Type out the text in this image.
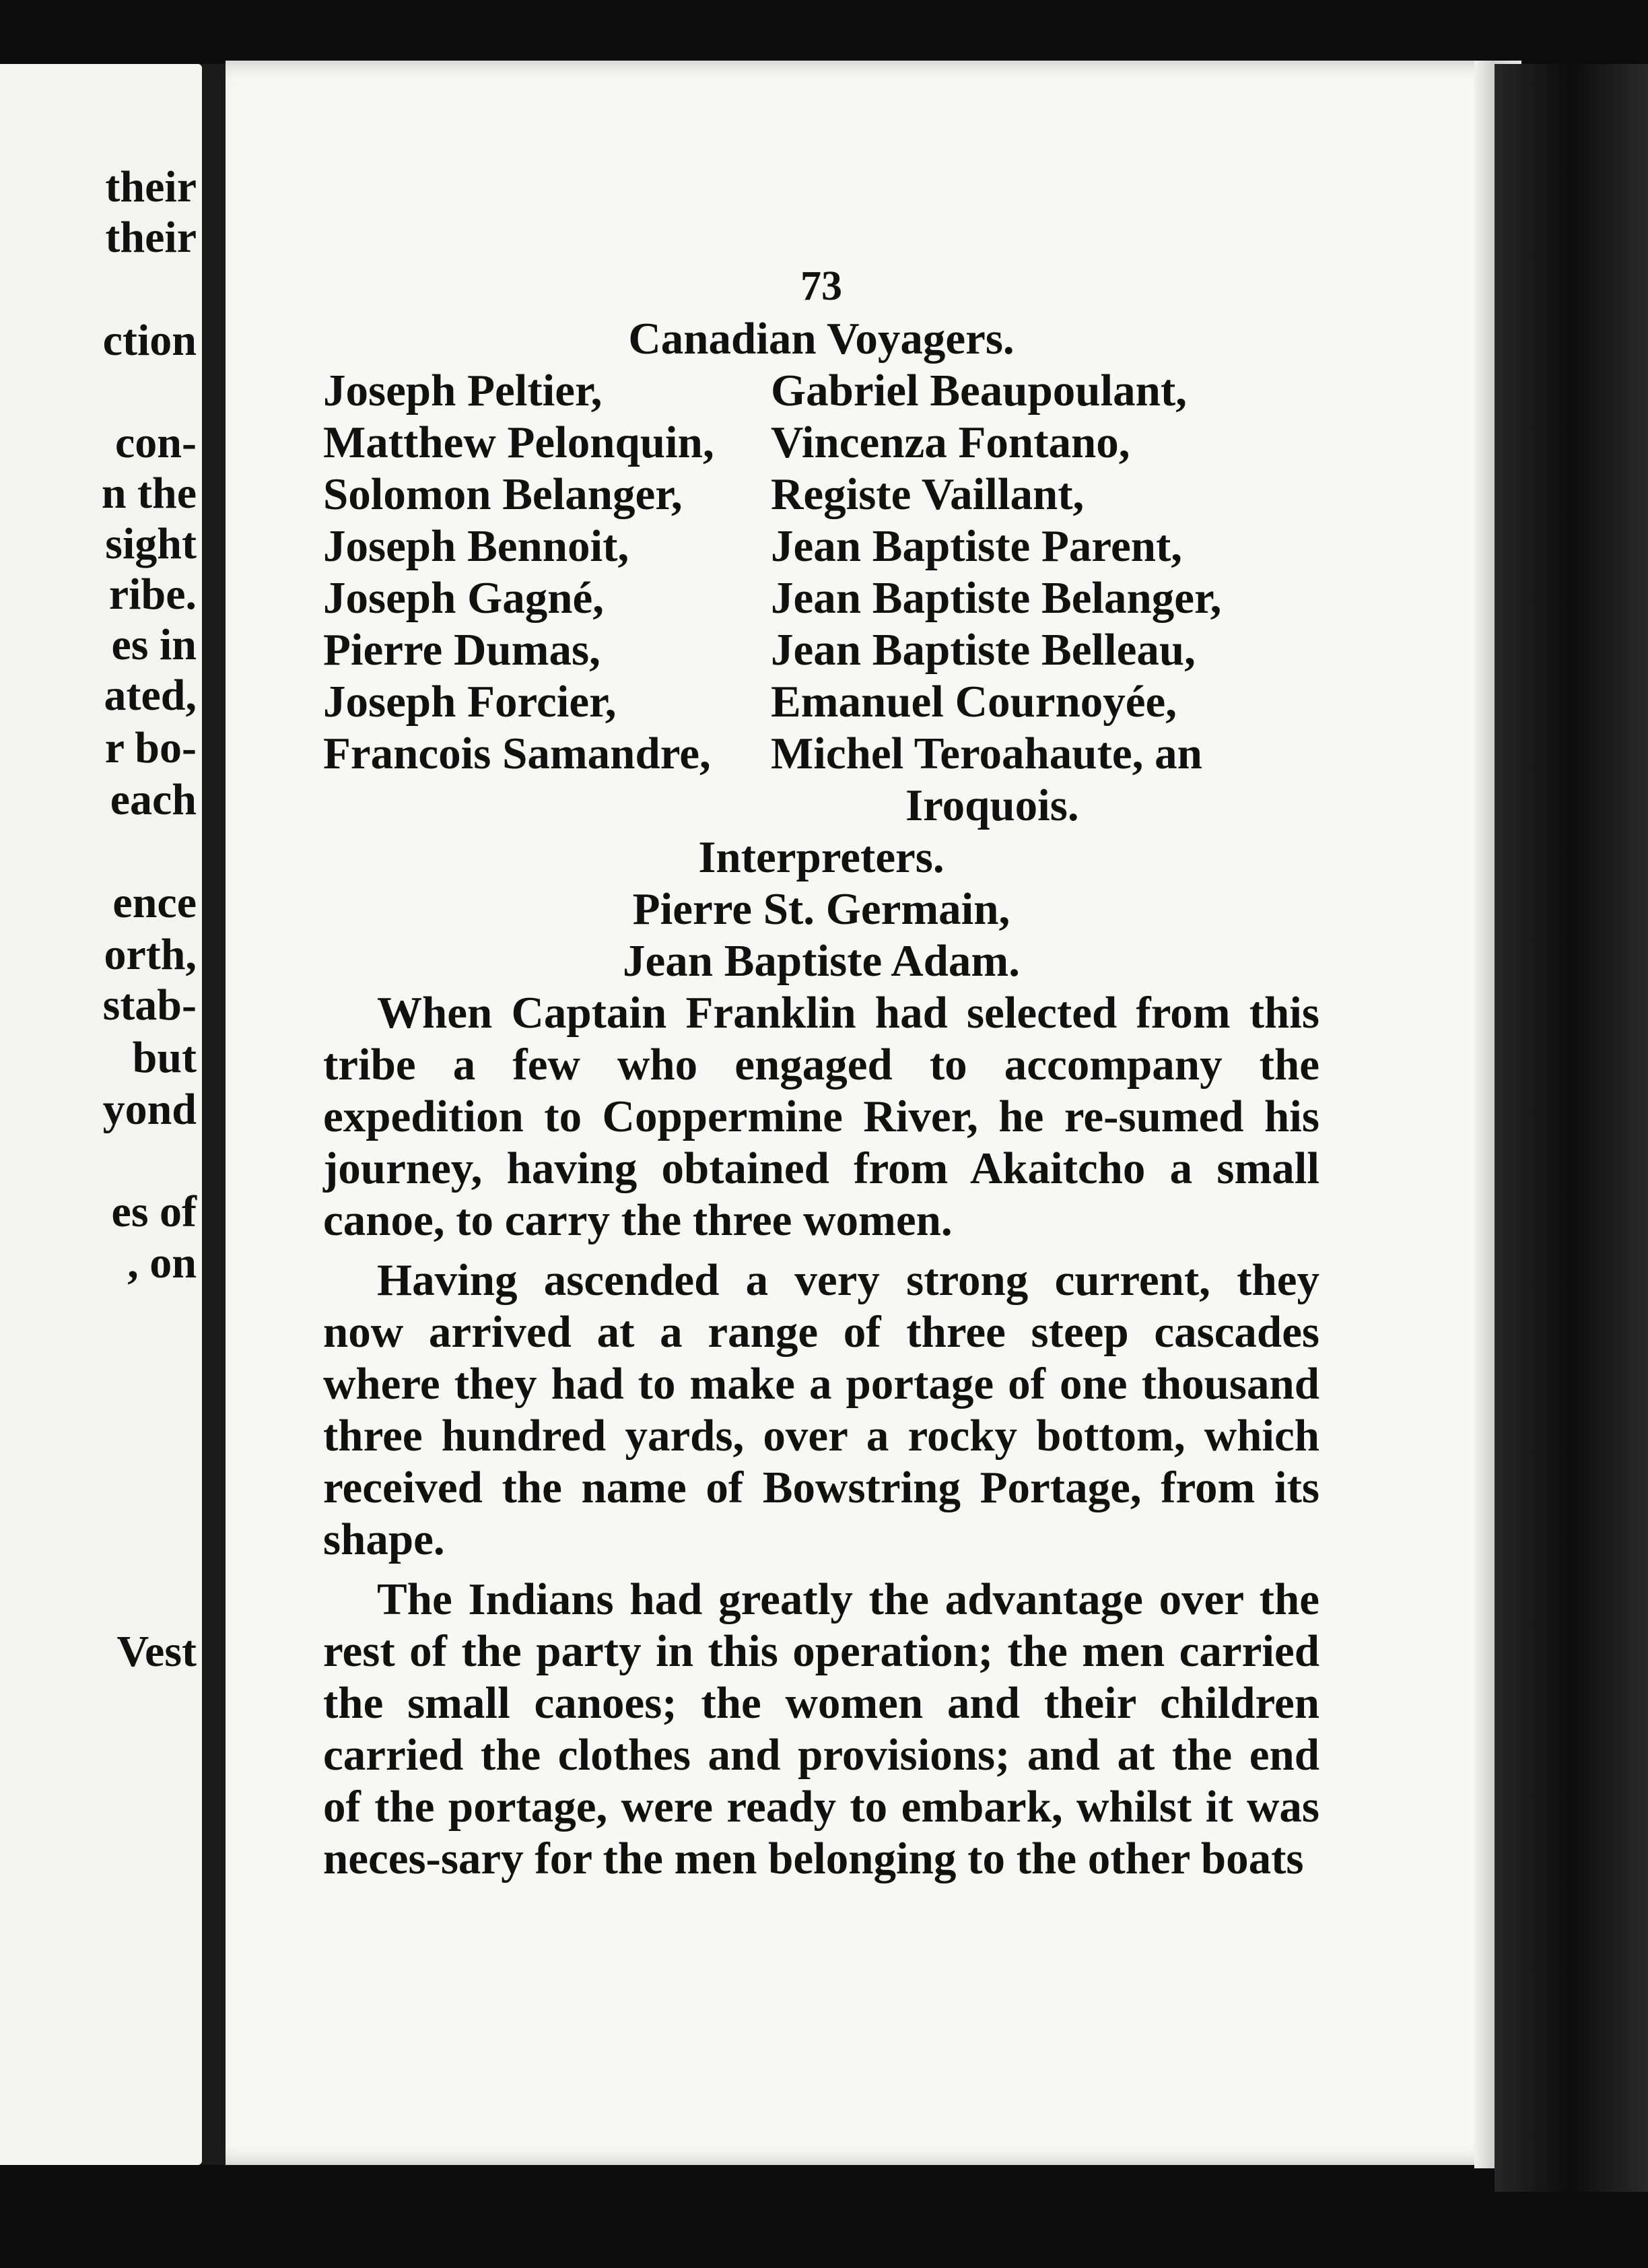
their
their
ction
con-
n the
sight
ribe.
es in
ated,
r bo-
each
ence
orth,
stab-
but
yond
es of
, on
Vest
73
Canadian Voyagers.
Joseph Peltier,
Matthew Pelonquin,
Solomon Belanger,
Joseph Bennoit,
Joseph Gagné,
Pierre Dumas,
Joseph Forcier,
Francois Samandre,
Gabriel Beaupoulant,
Vincenza Fontano,
Registe Vaillant,
Jean Baptiste Parent,
Jean Baptiste Belanger,
Jean Baptiste Belleau,
Emanuel Cournoyée,
Michel Teroahaute, an
Iroquois.
Interpreters.
Pierre St. Germain,
Jean Baptiste Adam.
When Captain Franklin had selected from this tribe a few who engaged to accompany the expedition to Coppermine River, he re-sumed his journey, having obtained from Akaitcho a small canoe, to carry the three women.
Having ascended a very strong current, they now arrived at a range of three steep cascades where they had to make a portage of one thousand three hundred yards, over a rocky bottom, which received the name of Bowstring Portage, from its shape.
The Indians had greatly the advantage over the rest of the party in this operation; the men carried the small canoes; the women and their children carried the clothes and provisions; and at the end of the portage, were ready to embark, whilst it was neces-sary for the men belonging to the other boats
